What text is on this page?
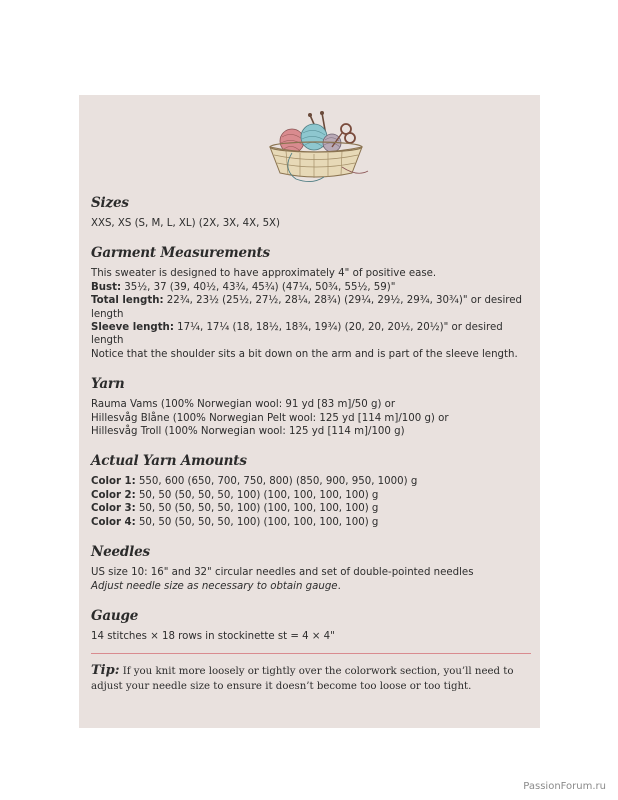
Sizes
XXS, XS (S, M, L, XL) (2X, 3X, 4X, 5X)
Garment Measurements
This sweater is designed to have approximately 4" of positive ease.
Bust: 35½, 37 (39, 40½, 43¾, 45¾) (47¼, 50¾, 55½, 59)"
Total length: 22¾, 23½ (25½, 27½, 28¼, 28¾) (29¼, 29½, 29¾, 30¾)" or desired length
Sleeve length: 17¼, 17¼ (18, 18½, 18¾, 19¾) (20, 20, 20½, 20½)" or desired length
Notice that the shoulder sits a bit down on the arm and is part of the sleeve length.
Yarn
Rauma Vams (100% Norwegian wool: 91 yd [83 m]/50 g) or
Hillesvåg Blåne (100% Norwegian Pelt wool: 125 yd [114 m]/100 g) or
Hillesvåg Troll (100% Norwegian wool: 125 yd [114 m]/100 g)
Actual Yarn Amounts
Color 1: 550, 600 (650, 700, 750, 800) (850, 900, 950, 1000) g
Color 2: 50, 50 (50, 50, 50, 100) (100, 100, 100, 100) g
Color 3: 50, 50 (50, 50, 50, 100) (100, 100, 100, 100) g
Color 4: 50, 50 (50, 50, 50, 100) (100, 100, 100, 100) g
Needles
US size 10: 16" and 32" circular needles and set of double-pointed needles
Adjust needle size as necessary to obtain gauge.
Gauge
14 stitches × 18 rows in stockinette st = 4 × 4"
Tip: If you knit more loosely or tightly over the colorwork section, you’ll need to adjust your needle size to ensure it doesn’t become too loose or too tight.
PassionForum.ru
